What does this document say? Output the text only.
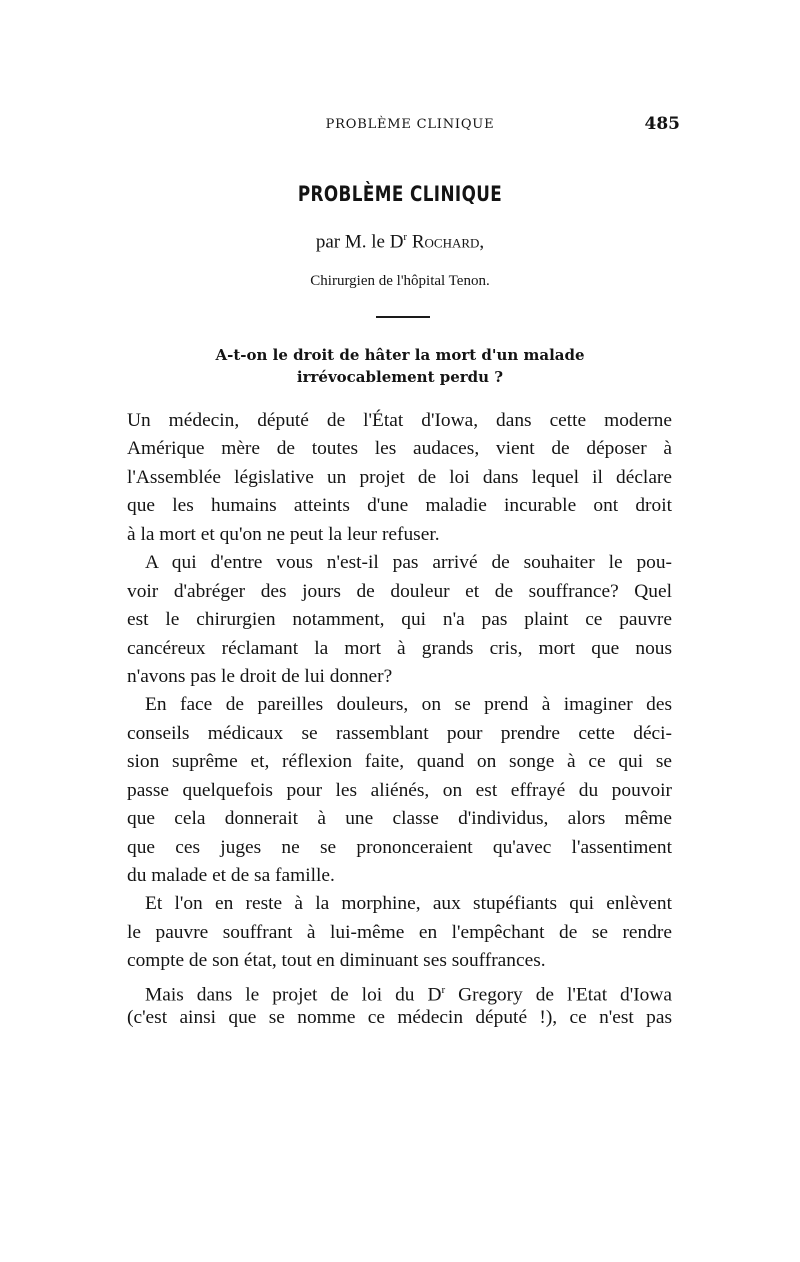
PROBLÈME CLINIQUE	485
PROBLÈME CLINIQUE
par M. le $D^r$ Rochard,
Chirurgien de l'hôpital Tenon.
A-t-on le droit de hâter la mort d'un malade
irrévocablement perdu ?
Un médecin, député de l'État d'Iowa, dans cette moderne
Amérique mère de toutes les audaces, vient de déposer à
l'Assemblée législative un projet de loi dans lequel il déclare
que les humains atteints d'une maladie incurable ont droit
à la mort et qu'on ne peut la leur refuser.
A qui d'entre vous n'est-il pas arrivé de souhaiter le pou-
voir d'abréger des jours de douleur et de souffrance? Quel
est le chirurgien notamment, qui n'a pas plaint ce pauvre
cancéreux réclamant la mort à grands cris, mort que nous
n'avons pas le droit de lui donner?
En face de pareilles douleurs, on se prend à imaginer des
conseils médicaux se rassemblant pour prendre cette déci-
sion suprême et, réflexion faite, quand on songe à ce qui se
passe quelquefois pour les aliénés, on est effrayé du pouvoir
que cela donnerait à une classe d'individus, alors même
que ces juges ne se prononceraient qu'avec l'assentiment
du malade et de sa famille.
Et l'on en reste à la morphine, aux stupéfiants qui enlèvent
le pauvre souffrant à lui-même en l'empêchant de se rendre
compte de son état, tout en diminuant ses souffrances.
Mais dans le projet de loi du $D^r$ Gregory de l'Etat d'Iowa
(c'est ainsi que se nomme ce médecin député !), ce n'est pas
